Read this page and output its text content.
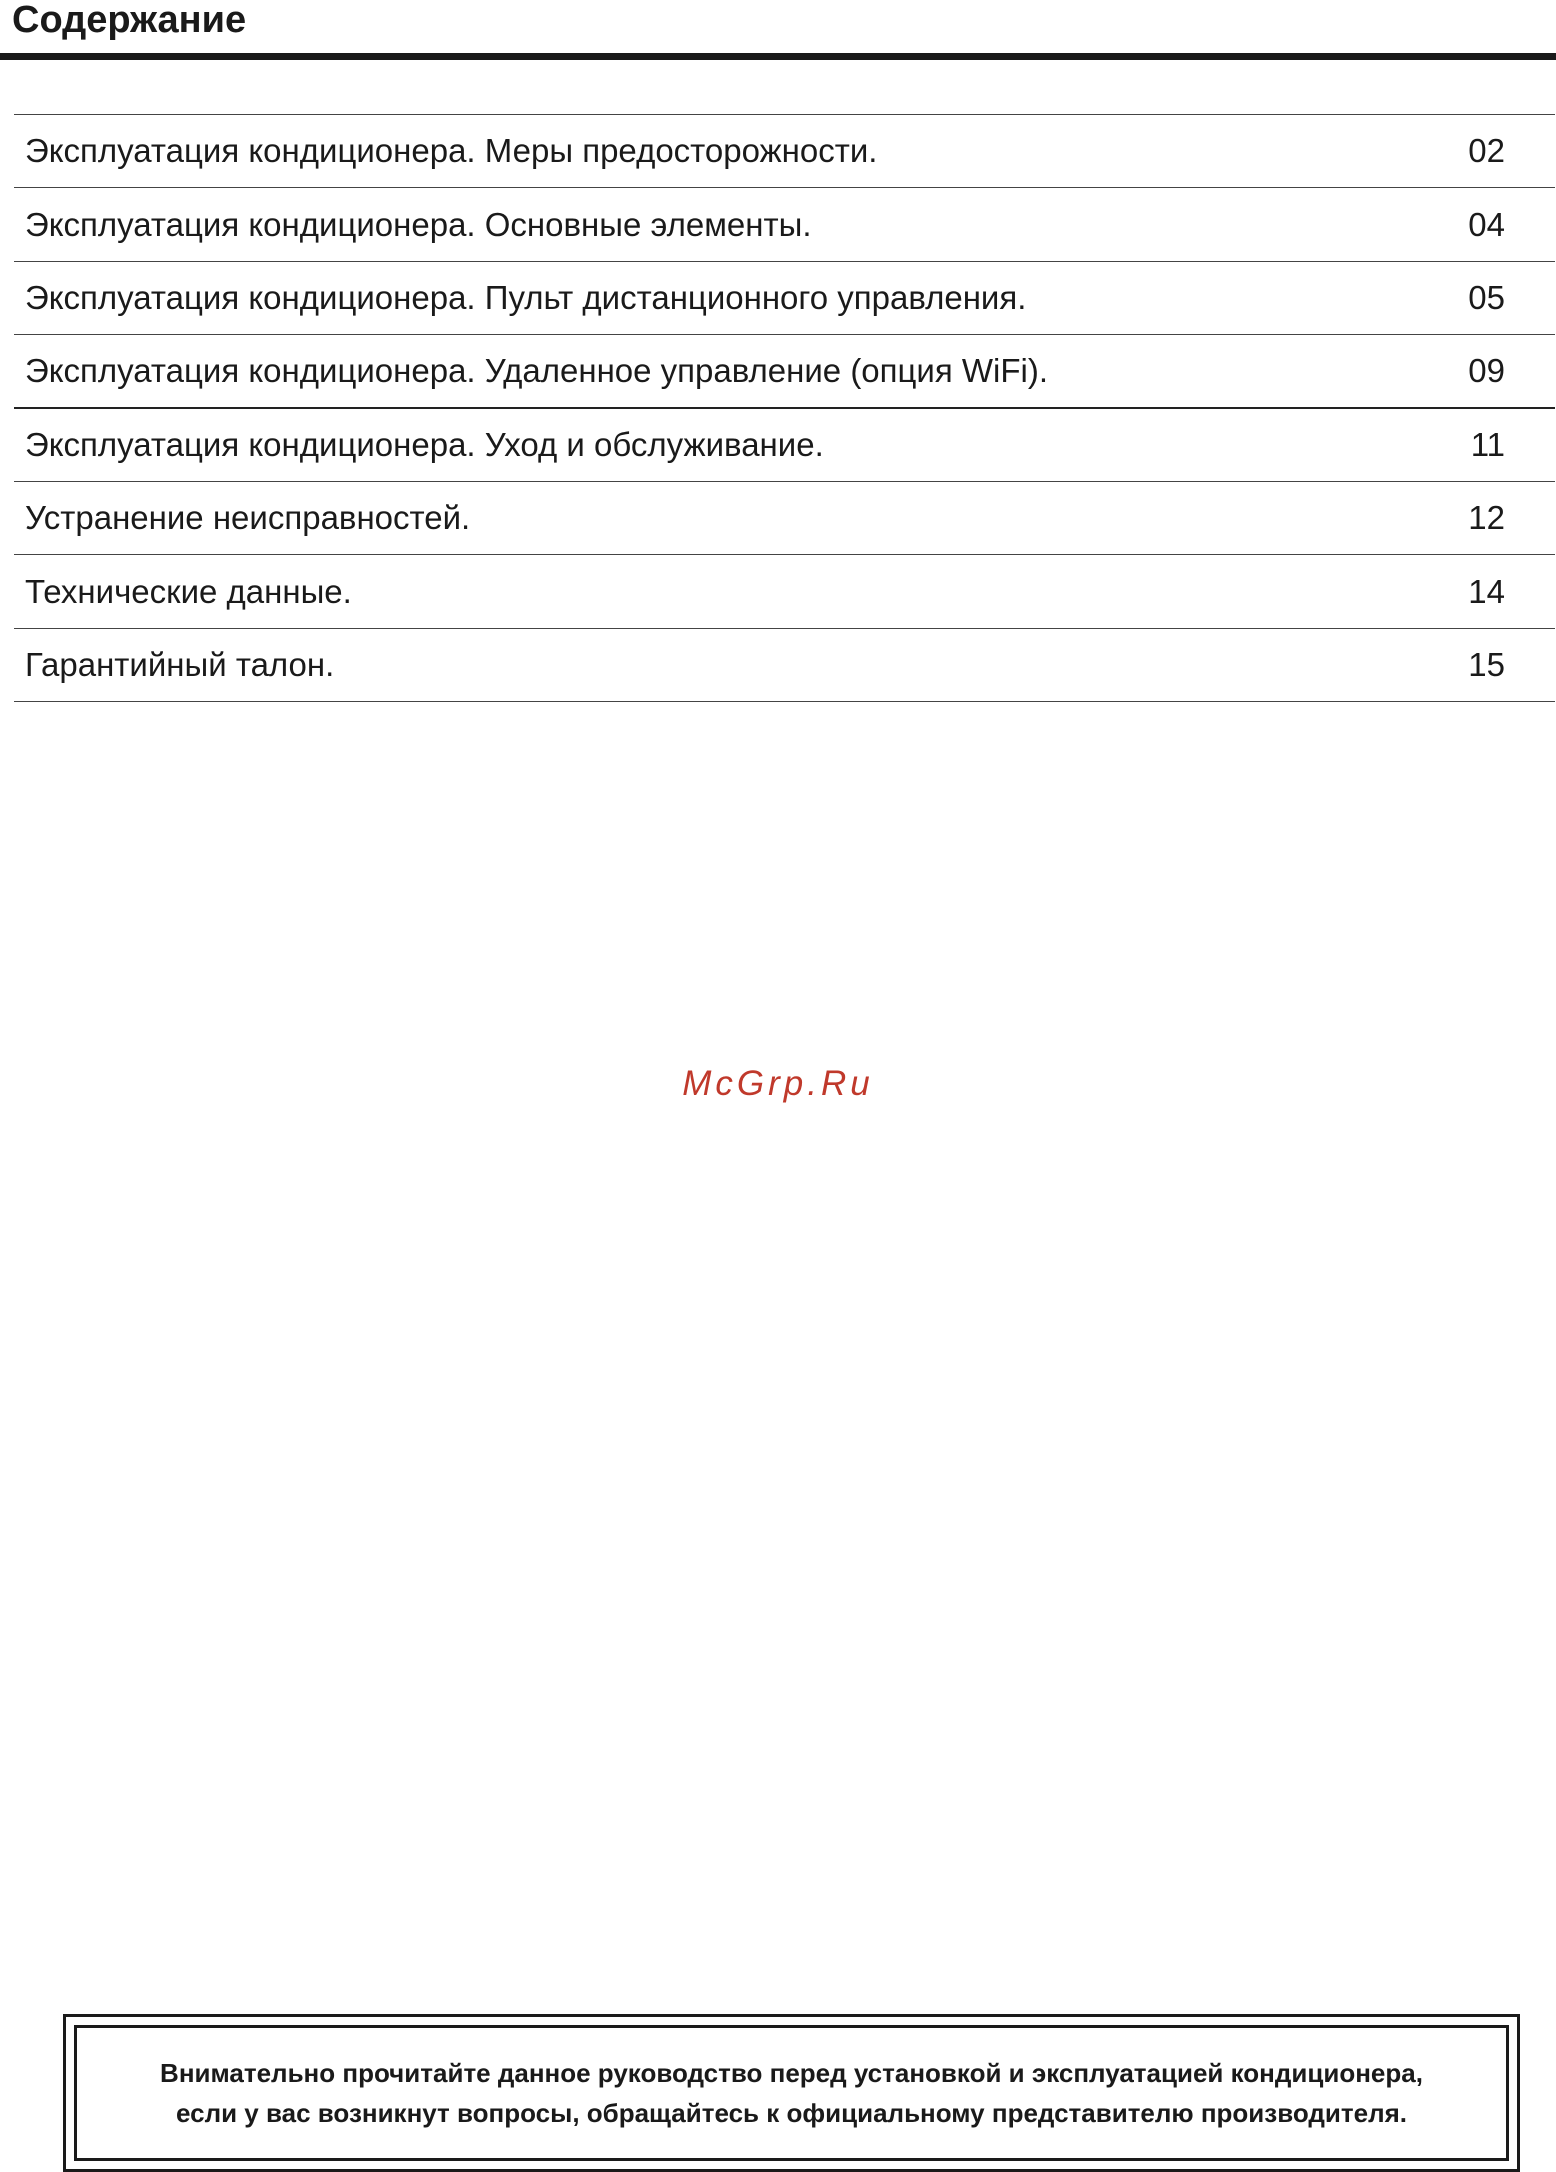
Содержание
Эксплуатация кондиционера. Меры предосторожности.	02
Эксплуатация кондиционера. Основные элементы.	04
Эксплуатация кондиционера. Пульт дистанционного управления.	05
Эксплуатация кондиционера. Удаленное управление (опция WiFi).	09
Эксплуатация кондиционера. Уход и обслуживание.	11
Устранение неисправностей.	12
Технические данные.	14
Гарантийный талон.	15
McGrp.Ru
Внимательно прочитайте данное руководство перед установкой и эксплуатацией кондиционера,
если у вас возникнут вопросы, обращайтесь к официальному представителю производителя.
